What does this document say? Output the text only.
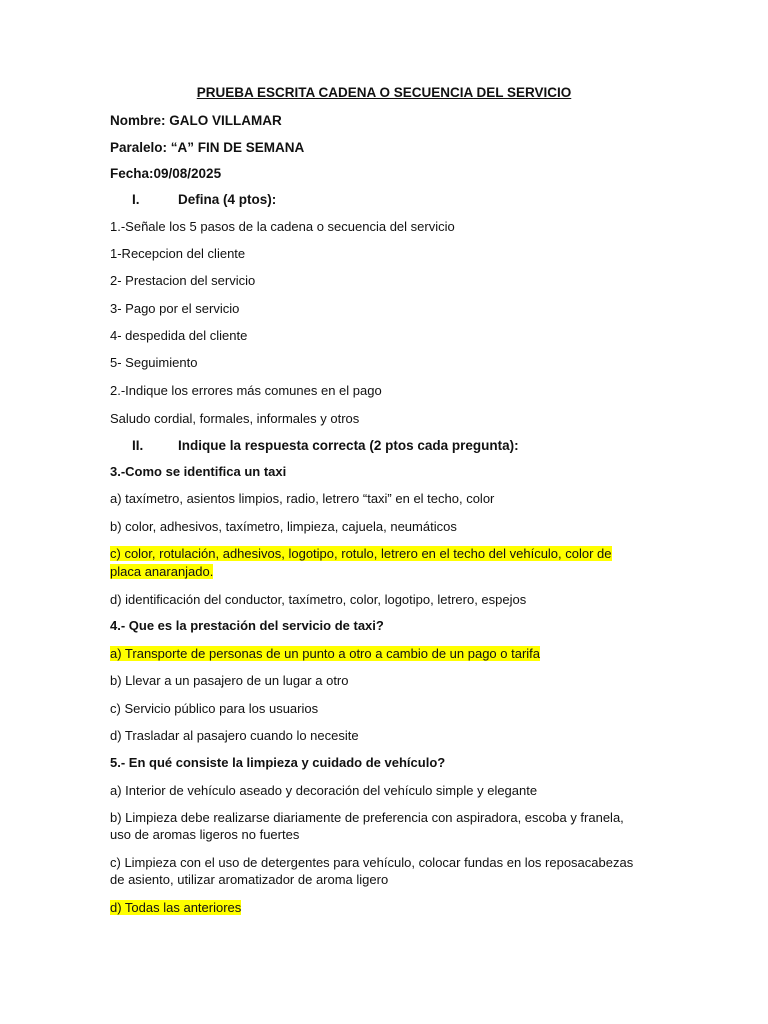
PRUEBA ESCRITA CADENA O SECUENCIA DEL SERVICIO
Nombre: GALO VILLAMAR
Paralelo: “A” FIN DE SEMANA
Fecha:09/08/2025
I.	Defina (4 ptos):
1.-Señale los 5 pasos de la cadena o secuencia del servicio
1-Recepcion del cliente
2- Prestacion del servicio
3- Pago por el servicio
4- despedida del cliente
5- Seguimiento
2.-Indique los errores más comunes en el pago
Saludo cordial, formales, informales y otros
II.	Indique la respuesta correcta (2 ptos cada pregunta):
3.-Como se identifica un taxi
a) taxímetro, asientos limpios, radio, letrero “taxi” en el techo, color
b) color, adhesivos, taxímetro, limpieza, cajuela, neumáticos
c) color, rotulación, adhesivos, logotipo, rotulo, letrero en el techo del vehículo, color de
placa anaranjado.
d) identificación del conductor, taxímetro, color, logotipo, letrero, espejos
4.- Que es la prestación del servicio de taxi?
a) Transporte de personas de un punto a otro a cambio de un pago o tarifa
b) Llevar a un pasajero de un lugar a otro
c) Servicio público para los usuarios
d) Trasladar al pasajero cuando lo necesite
5.- En qué consiste la limpieza y cuidado de vehículo?
a) Interior de vehículo aseado y decoración del vehículo simple y elegante
b) Limpieza debe realizarse diariamente de preferencia con aspiradora, escoba y franela,
uso de aromas ligeros no fuertes
c) Limpieza con el uso de detergentes para vehículo, colocar fundas en los reposacabezas
de asiento, utilizar aromatizador de aroma ligero
d) Todas las anteriores
